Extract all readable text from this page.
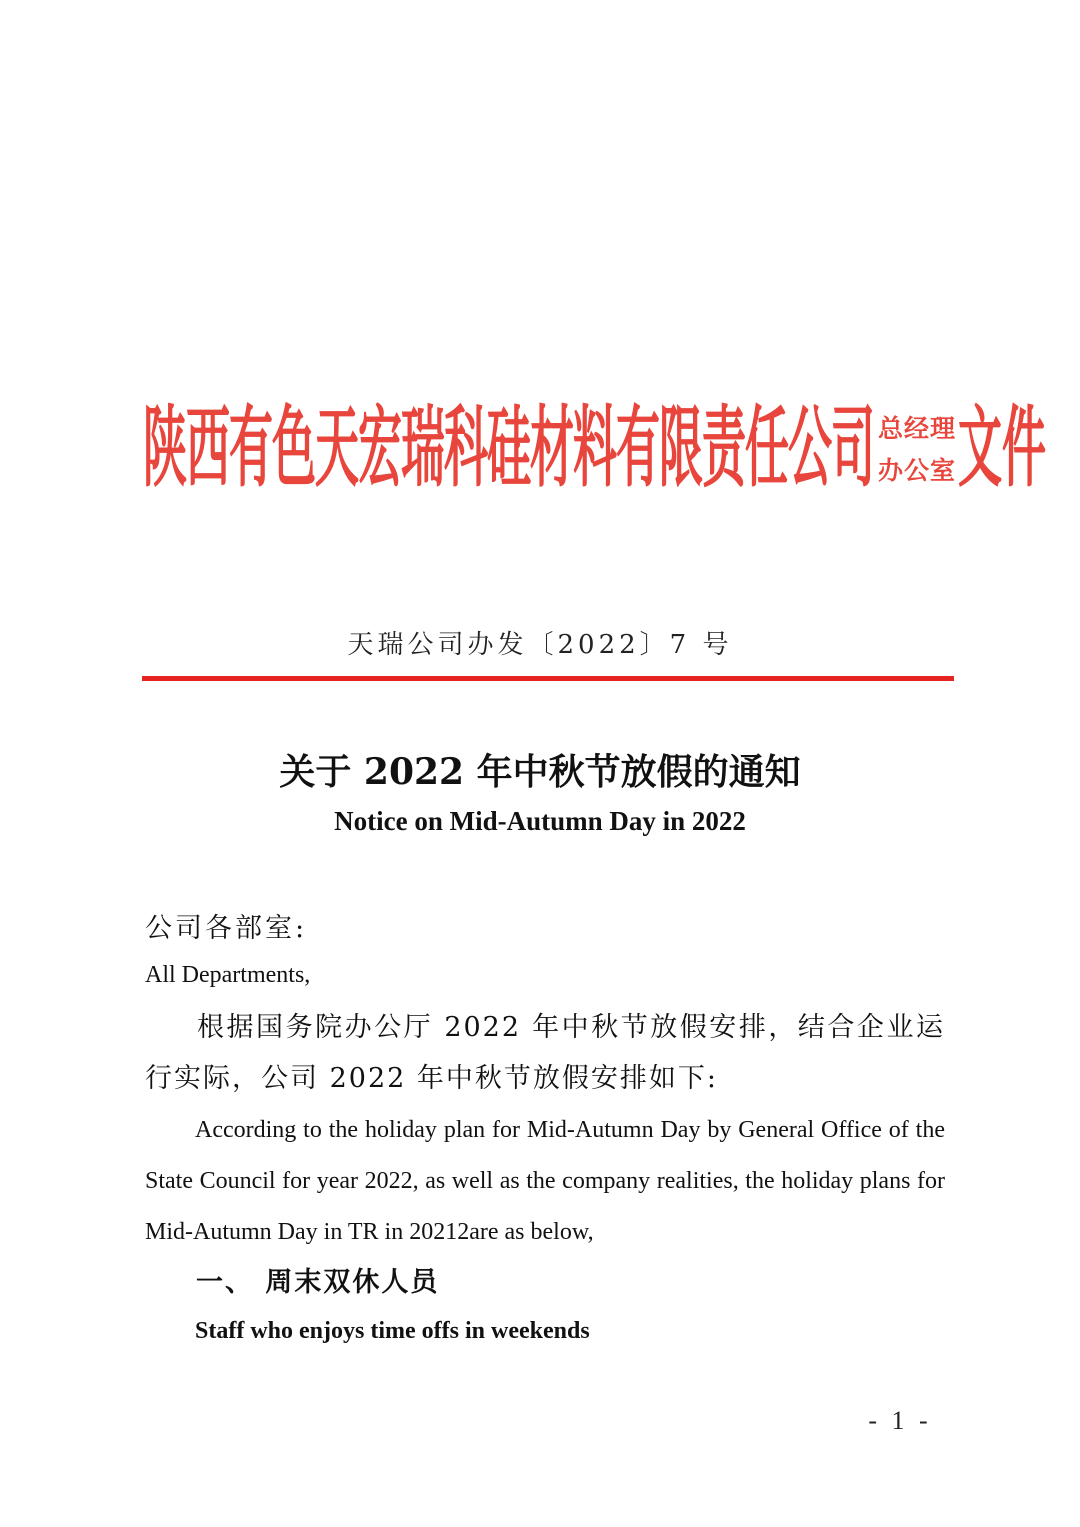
陕西有色天宏瑞科硅材料有限责任公司 总经理
办公室 文件
天瑞公司办发〔2022〕7 号
关于 2022 年中秋节放假的通知
Notice on Mid-Autumn Day in 2022
公司各部室:
All Departments,

根据国务院办公厅 2022 年中秋节放假安排，结合企业运行实际，公司 2022 年中秋节放假安排如下:

According to the holiday plan for Mid-Autumn Day by General Office of the State Council for year 2022, as well as the company realities, the holiday plans for Mid-Autumn Day in TR in 20212are as below,

一、 周末双休人员
Staff who enjoys time offs in weekends
- 1 -
